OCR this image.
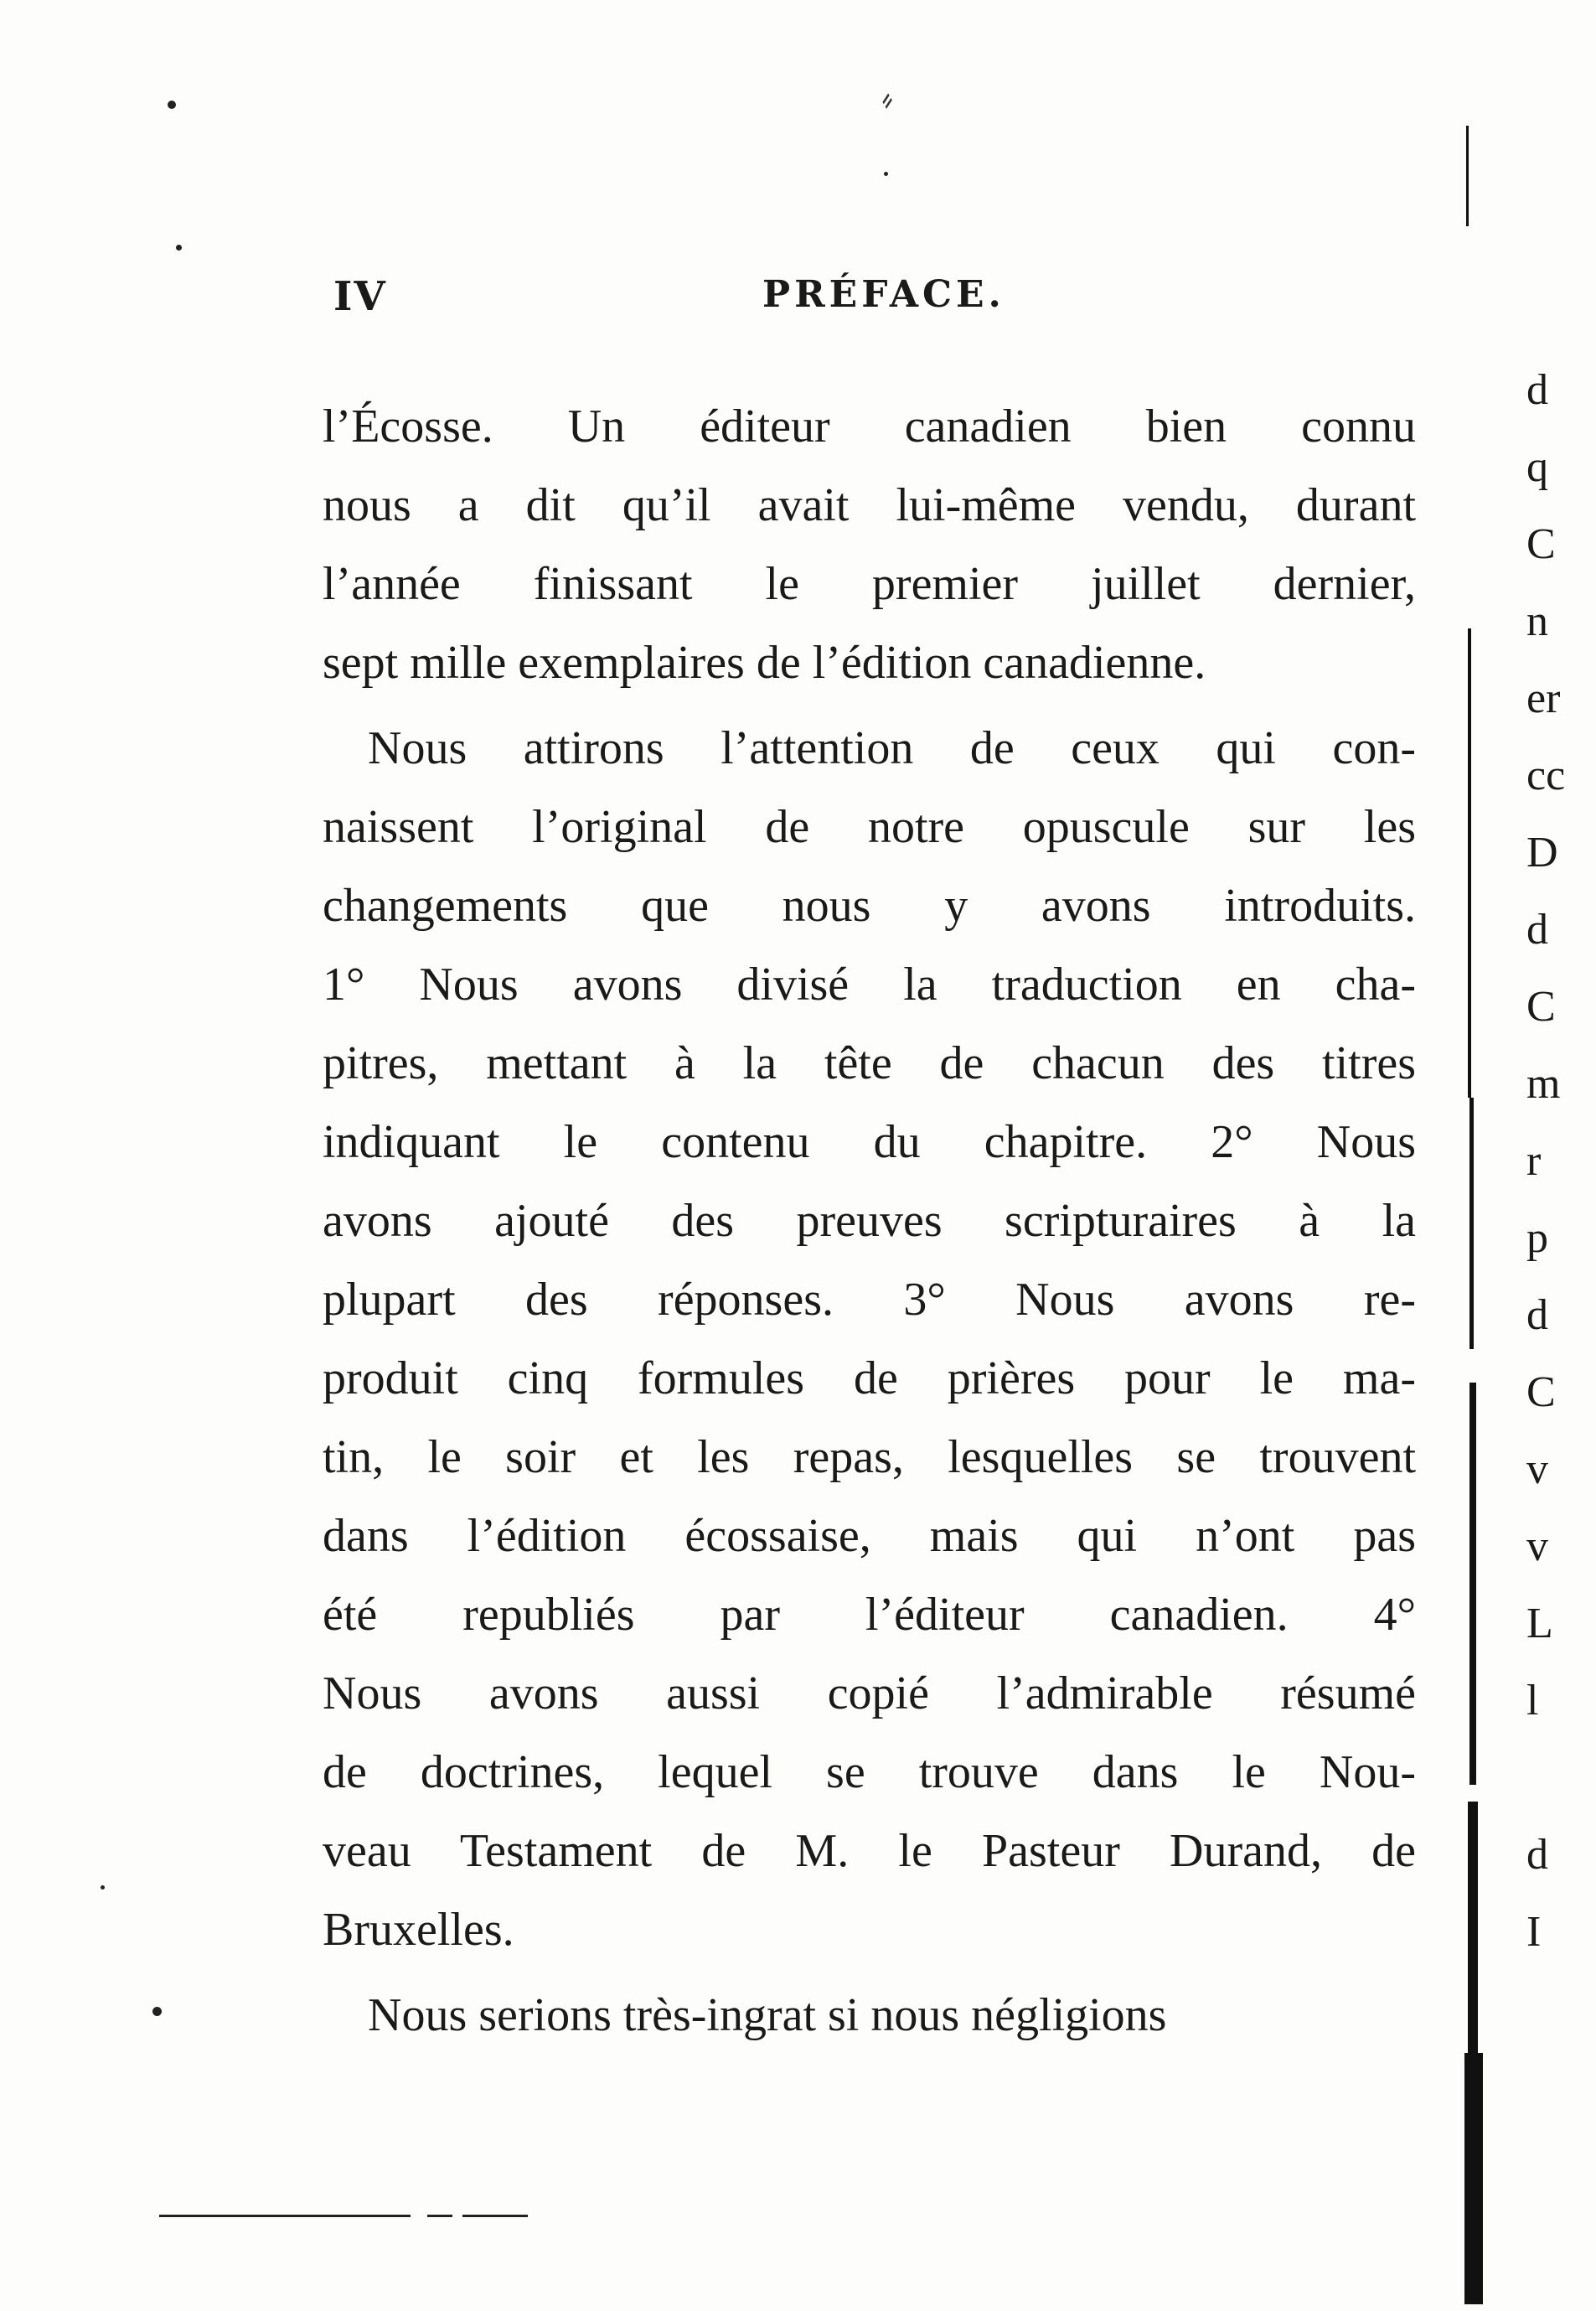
⸗
IV	PRÉFACE.
l’Écosse. Un éditeur canadien bien connu
nous a dit qu’il avait lui-même vendu, durant
l’année finissant le premier juillet dernier,
sept mille exemplaires de l’édition canadienne.
Nous attirons l’attention de ceux qui con-
naissent l’original de notre opuscule sur les
changements que nous y avons introduits.
1° Nous avons divisé la traduction en cha-
pitres, mettant à la tête de chacun des titres
indiquant le contenu du chapitre. 2° Nous
avons ajouté des preuves scripturaires à la
plupart des réponses. 3° Nous avons re-
produit cinq formules de prières pour le ma-
tin, le soir et les repas, lesquelles se trouvent
dans l’édition écossaise, mais qui n’ont pas
été republiés par l’éditeur canadien. 4°
Nous avons aussi copié l’admirable résumé
de doctrines, lequel se trouve dans le Nou-
veau Testament de M. le Pasteur Durand, de
Bruxelles.
Nous serions très-ingrat si nous négligions
d
q
C
n
er
cc
D
d
C
m
r
p
d
C
v
v
L
l
d
I
